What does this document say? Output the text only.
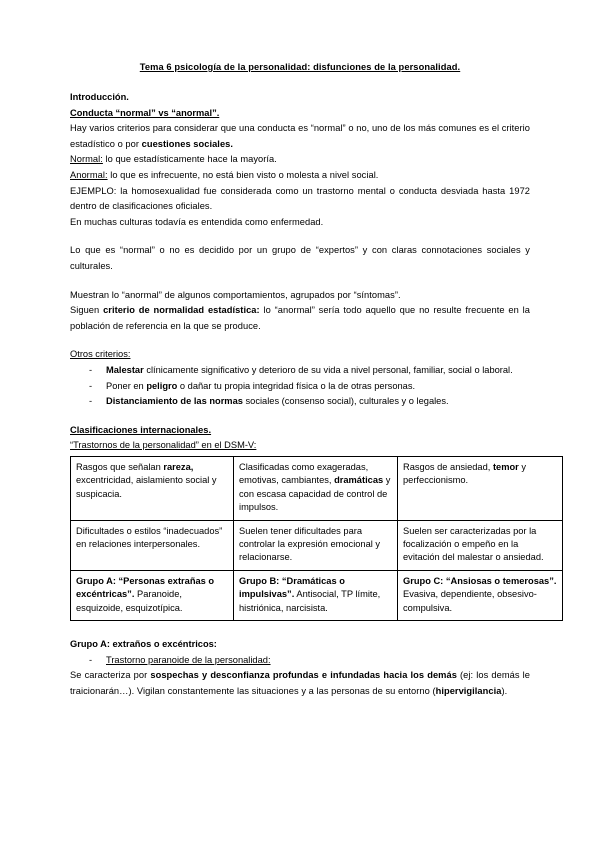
Tema 6 psicología de la personalidad: disfunciones de la personalidad.
Introducción.
Conducta “normal” vs “anormal”.
Hay varios criterios para considerar que una conducta es “normal” o no, uno de los más comunes es el criterio estadístico o por cuestiones sociales.
Normal: lo que estadísticamente hace la mayoría.
Anormal: lo que es infrecuente, no está bien visto o molesta a nivel social.
EJEMPLO: la homosexualidad fue considerada como un trastorno mental o conducta desviada hasta 1972 dentro de clasificaciones oficiales.
En muchas culturas todavía es entendida como enfermedad.
Lo que es “normal” o no es decidido por un grupo de “expertos” y con claras connotaciones sociales y culturales.
Muestran lo “anormal” de algunos comportamientos, agrupados por “síntomas”.
Siguen criterio de normalidad estadística: lo “anormal” sería todo aquello que no resulte frecuente en la población de referencia en la que se produce.
Otros criterios:
- Malestar clínicamente significativo y deterioro de su vida a nivel personal, familiar, social o laboral.
- Poner en peligro o dañar tu propia integridad física o la de otras personas.
- Distanciamiento de las normas sociales (consenso social), culturales y o legales.
Clasificaciones internacionales.
“Trastornos de la personalidad” en el DSM-V:
Rasgos que señalan rareza, excentricidad, aislamiento social y suspicacia.	Clasificadas como exageradas, emotivas, cambiantes, dramáticas y con escasa capacidad de control de impulsos.	Rasgos de ansiedad, temor y perfeccionismo.
Dificultades o estilos “inadecuados” en relaciones interpersonales.	Suelen tener dificultades para controlar la expresión emocional y relacionarse.	Suelen ser caracterizadas por la focalización o empeño en la evitación del malestar o ansiedad.
Grupo A: “Personas extrañas o excéntricas”. Paranoide, esquizoide, esquizotípica.	Grupo B: “Dramáticas o impulsivas”. Antisocial, TP límite, histriónica, narcisista.	Grupo C: “Ansiosas o temerosas”. Evasiva, dependiente, obsesivo-compulsiva.
Grupo A: extraños o excéntricos:
- Trastorno paranoide de la personalidad:
Se caracteriza por sospechas y desconfianza profundas e infundadas hacia los demás (ej: los demás le traicionarán…). Vigilan constantemente las situaciones y a las personas de su entorno (hipervigilancia).
